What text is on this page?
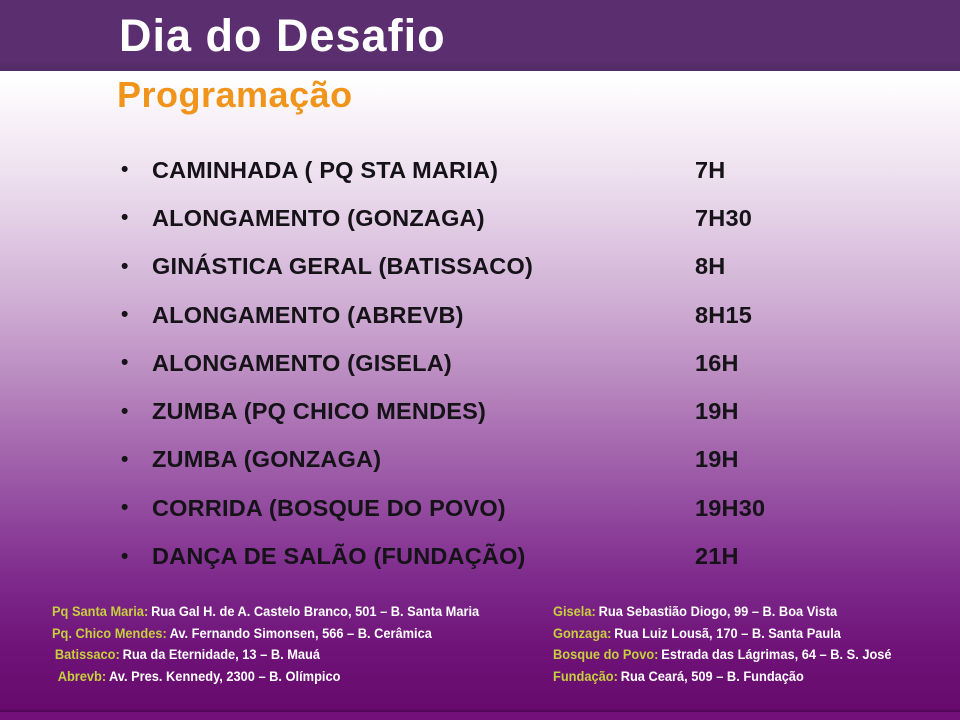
Dia do Desafio
Programação
• CAMINHADA ( PQ STA MARIA)	7H
• ALONGAMENTO (GONZAGA)	7H30
• GINÁSTICA GERAL (BATISSACO)	8H
• ALONGAMENTO (ABREVB)	8H15
• ALONGAMENTO (GISELA)	16H
• ZUMBA (PQ CHICO MENDES)	19H
• ZUMBA (GONZAGA)	19H
• CORRIDA (BOSQUE DO POVO)	19H30
• DANÇA DE SALÃO (FUNDAÇÃO)	21H
Pq Santa Maria: Rua Gal H. de A. Castelo Branco, 501 – B. Santa Maria
Pq. Chico Mendes: Av. Fernando Simonsen, 566 – B. Cerâmica
Batissaco: Rua da Eternidade, 13 – B. Mauá
Abrevb: Av. Pres. Kennedy, 2300 – B. Olímpico
Gisela: Rua Sebastião Diogo, 99 – B. Boa Vista
Gonzaga: Rua Luiz Lousã, 170 – B. Santa Paula
Bosque do Povo: Estrada das Lágrimas, 64 – B. S. José
Fundação: Rua Ceará, 509 – B. Fundação
